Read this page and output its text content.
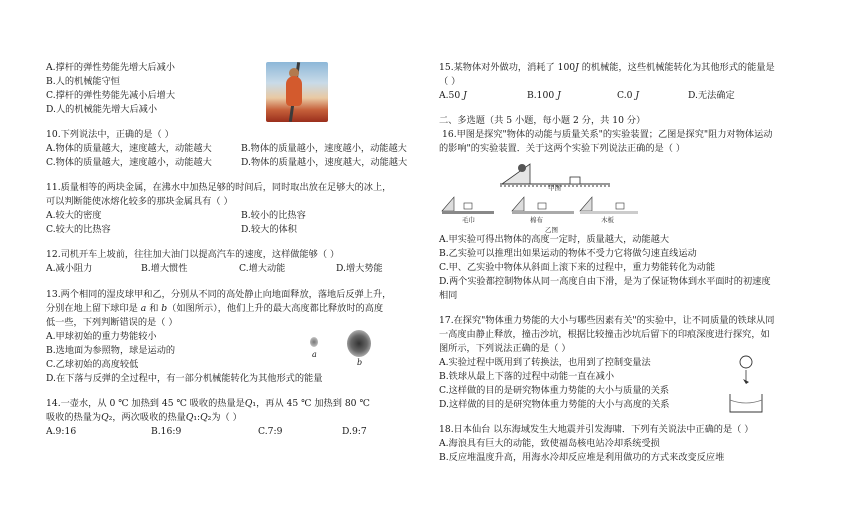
A.撑杆的弹性势能先增大后减小
B.人的机械能守恒
C.撑杆的弹性势能先减小后增大
D.人的机械能先增大后减小
10.下列说法中，正确的是（ ）
A.物体的质量越大，速度越大，动能越大	B.物体的质量越小，速度越小，动能越大
C.物体的质量越大，速度越小，动能越大	D.物体的质量越小，速度越大，动能越大
11.质量相等的两块金属，在沸水中加热足够的时间后，同时取出放在足够大的冰上，
可以判断能使冰熔化较多的那块金属具有（ ）
A.较大的密度	B.较小的比热容
C.较大的比热容	D.较大的体积
12.司机开车上坡前，往往加大油门以提高汽车的速度，这样做能够（ ）
A.减小阻力	B.增大惯性	C.增大动能	D.增大势能
13.两个相同的湿皮球甲和乙，分别从不同的高处静止向地面释放，落地后反弹上升，
分别在地上留下球印是 𝑎 和 𝑏（如图所示），他们上升的最大高度都比释放时的高度
低一些，下列判断错误的是（ ）
A.甲球初始的重力势能较小
B.选地面为参照物，球是运动的
C.乙球初始的高度较低
D.在下落与反弹的全过程中，有一部分机械能转化为其他形式的能量
14.一壶水，从 0 ℃ 加热到 45 ℃ 吸收的热量是𝑄₁，再从 45 ℃ 加热到 80 ℃
吸收的热量为𝑄₂，两次吸收的热量𝑄₁:𝑄₂为（ ）
A.9:16	B.16:9	C.7:9	D.9:7
a
b
15.某物体对外做功，消耗了 100𝐽 的机械能，这些机械能转化为其他形式的能量是
（ ）
A.50 𝐽	B.100 𝐽	C.0 𝐽	D.无法确定
二、多选题（共 5 小题，每小题 2 分，共 10 分）
16.甲图是探究"物体的动能与质量关系"的实验装置；乙图是探究"阻力对物体运动
的影响"的实验装置．关于这两个实验下列说法正确的是（ ）
A.甲实验可得出物体的高度一定时，质量越大，动能越大
B.乙实验可以推理出如果运动的物体不受力它将做匀速直线运动
C.甲、乙实验中物体从斜面上滚下来的过程中，重力势能转化为动能
D.两个实验都控制物体从同一高度自由下滑，是为了保证物体到水平面时的初速度
相同
17.在探究"物体重力势能的大小与哪些因素有关"的实验中，让不同质量的铁球从同
一高度由静止释放，撞击沙坑，根据比较撞击沙坑后留下的印痕深度进行探究，如
图所示，下列说法正确的是（ ）
A.实验过程中既用到了转换法，也用到了控制变量法
B.铁球从最上下落的过程中动能一直在减小
C.这样做的目的是研究物体重力势能的大小与质量的关系
D.这样做的目的是研究物体重力势能的大小与高度的关系
18.日本仙台 以东海域发生大地震并引发海啸．下列有关说法中正确的是（ ）
A.海浪具有巨大的动能，致使福岛核电站冷却系统受损
B.反应堆温度升高，用海水冷却反应堆是利用做功的方式来改变反应堆
甲图
毛巾	棉布	木板
乙图
